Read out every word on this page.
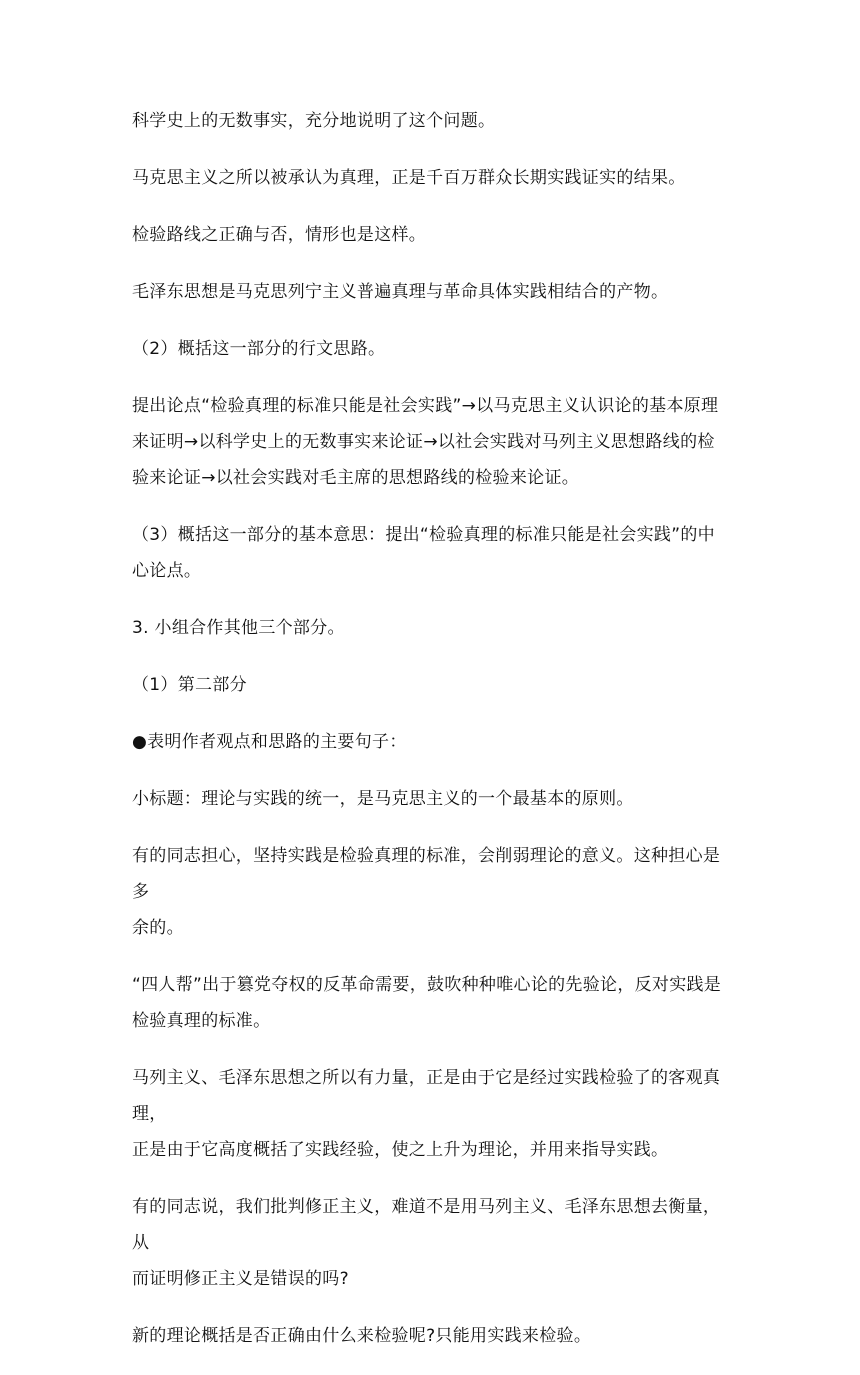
科学史上的无数事实，充分地说明了这个问题。

马克思主义之所以被承认为真理，正是千百万群众长期实践证实的结果。

检验路线之正确与否，情形也是这样。

毛泽东思想是马克思列宁主义普遍真理与革命具体实践相结合的产物。

（2）概括这一部分的行文思路。

提出论点“检验真理的标准只能是社会实践”→以马克思主义认识论的基本原理
来证明→以科学史上的无数事实来论证→以社会实践对马列主义思想路线的检
验来论证→以社会实践对毛主席的思想路线的检验来论证。

（3）概括这一部分的基本意思：提出“检验真理的标准只能是社会实践”的中
心论点。

3. 小组合作其他三个部分。

（1）第二部分

●表明作者观点和思路的主要句子：

小标题：理论与实践的统一，是马克思主义的一个最基本的原则。

有的同志担心，坚持实践是检验真理的标准，会削弱理论的意义。这种担心是多
余的。

“四人帮”出于篡党夺权的反革命需要，鼓吹种种唯心论的先验论，反对实践是
检验真理的标准。

马列主义、毛泽东思想之所以有力量，正是由于它是经过实践检验了的客观真理，
正是由于它高度概括了实践经验，使之上升为理论，并用来指导实践。

有的同志说，我们批判修正主义，难道不是用马列主义、毛泽东思想去衡量，从
而证明修正主义是错误的吗?

新的理论概括是否正确由什么来检验呢?只能用实践来检验。
